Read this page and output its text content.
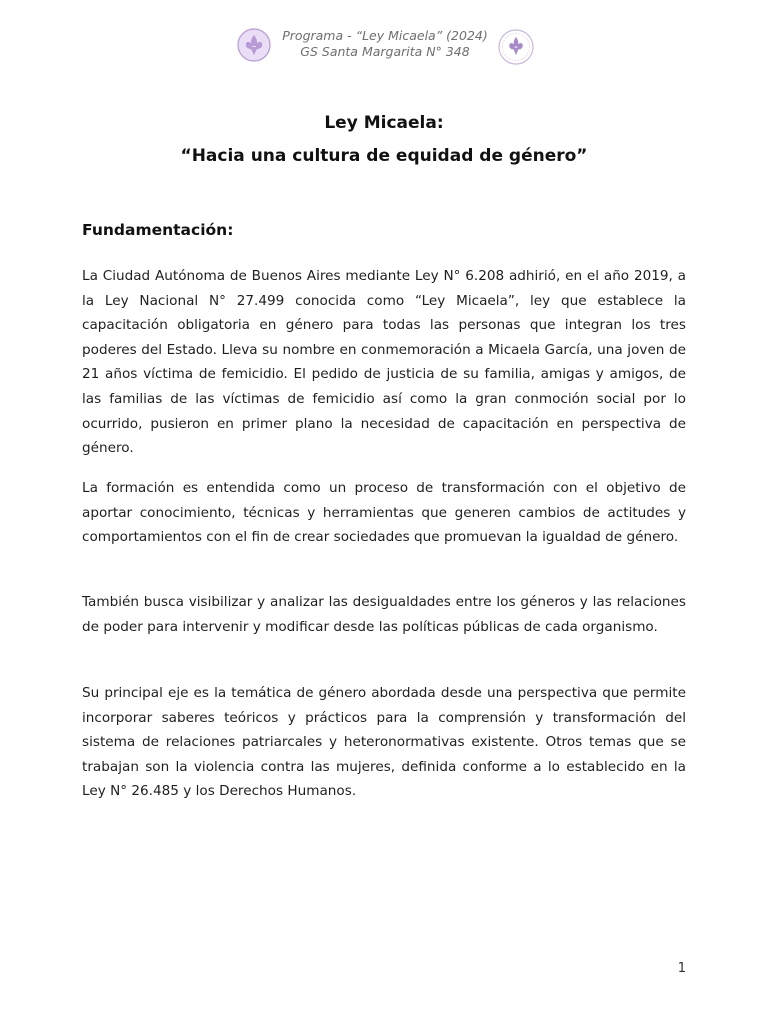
Programa - “Ley Micaela” (2024)
GS Santa Margarita N° 348
Ley Micaela:
“Hacia una cultura de equidad de género”
Fundamentación:

La Ciudad Autónoma de Buenos Aires mediante Ley N° 6.208 adhirió, en el año 2019, a la Ley Nacional N° 27.499 conocida como “Ley Micaela”, ley que establece la capacitación obligatoria en género para todas las personas que integran los tres poderes del Estado. Lleva su nombre en conmemoración a Micaela García, una joven de 21 años víctima de femicidio. El pedido de justicia de su familia, amigas y amigos, de las familias de las víctimas de femicidio así como la gran conmoción social por lo ocurrido, pusieron en primer plano la necesidad de capacitación en perspectiva de género.

La formación es entendida como un proceso de transformación con el objetivo de aportar conocimiento, técnicas y herramientas que generen cambios de actitudes y comportamientos con el fin de crear sociedades que promuevan la igualdad de género.

También busca visibilizar y analizar las desigualdades entre los géneros y las relaciones de poder para intervenir y modificar desde las políticas públicas de cada organismo.

Su principal eje es la temática de género abordada desde una perspectiva que permite incorporar saberes teóricos y prácticos para la comprensión y transformación del sistema de relaciones patriarcales y heteronormativas existente. Otros temas que se trabajan son la violencia contra las mujeres, definida conforme a lo establecido en la Ley N° 26.485 y los Derechos Humanos.

1
